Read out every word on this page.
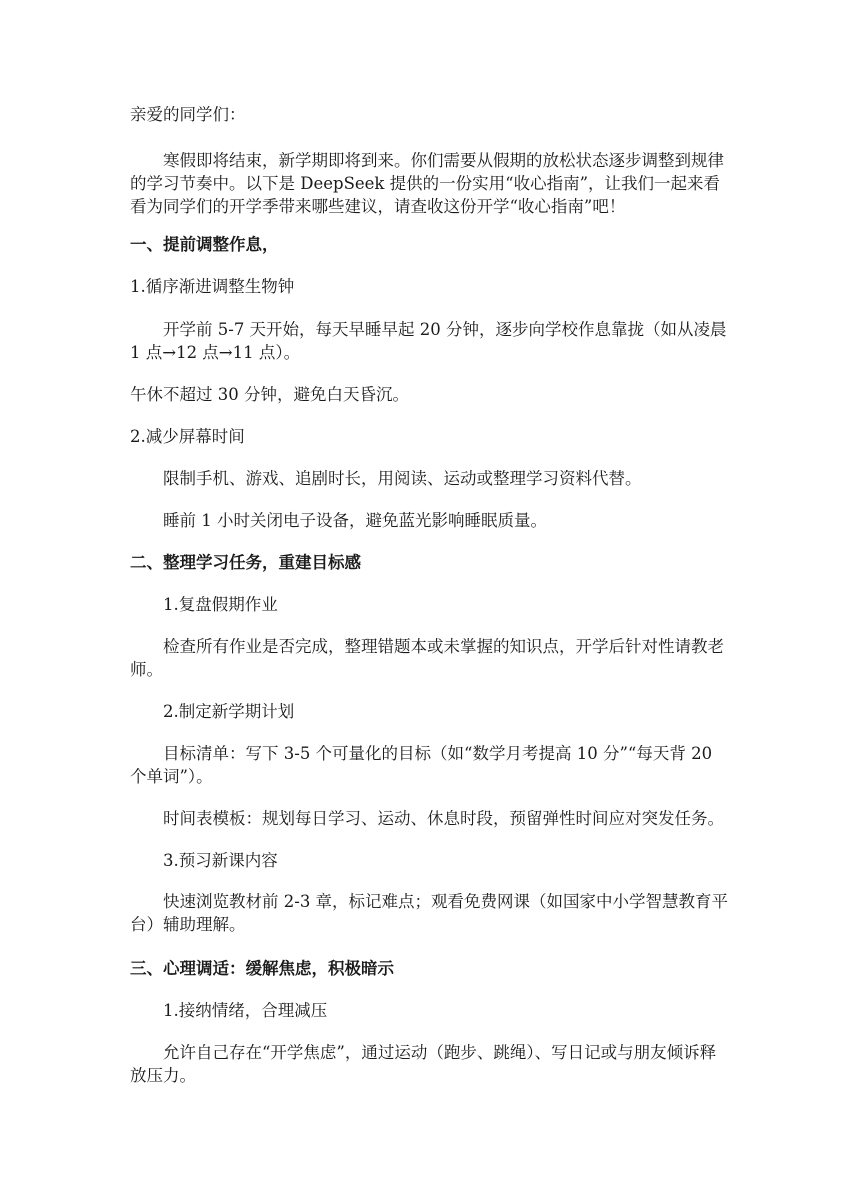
亲爱的同学们：

寒假即将结束，新学期即将到来。你们需要从假期的放松状态逐步调整到规律的学习节奏中。以下是 DeepSeek 提供的一份实用“收心指南”，让我们一起来看看为同学们的开学季带来哪些建议，请查收这份开学“收心指南”吧！

一、提前调整作息，

1.循序渐进调整生物钟

开学前 5-7 天开始，每天早睡早起 20 分钟，逐步向学校作息靠拢（如从凌晨 1 点→12 点→11 点）。

午休不超过 30 分钟，避免白天昏沉。

2.减少屏幕时间

限制手机、游戏、追剧时长，用阅读、运动或整理学习资料代替。

睡前 1 小时关闭电子设备，避免蓝光影响睡眠质量。

二、整理学习任务，重建目标感

1.复盘假期作业

检查所有作业是否完成，整理错题本或未掌握的知识点，开学后针对性请教老师。

2.制定新学期计划

目标清单：写下 3-5 个可量化的目标（如“数学月考提高 10 分”“每天背 20 个单词”）。

时间表模板：规划每日学习、运动、休息时段，预留弹性时间应对突发任务。

3.预习新课内容

快速浏览教材前 2-3 章，标记难点；观看免费网课（如国家中小学智慧教育平台）辅助理解。

三、心理调适：缓解焦虑，积极暗示

1.接纳情绪，合理减压

允许自己存在“开学焦虑”，通过运动（跑步、跳绳）、写日记或与朋友倾诉释放压力。
